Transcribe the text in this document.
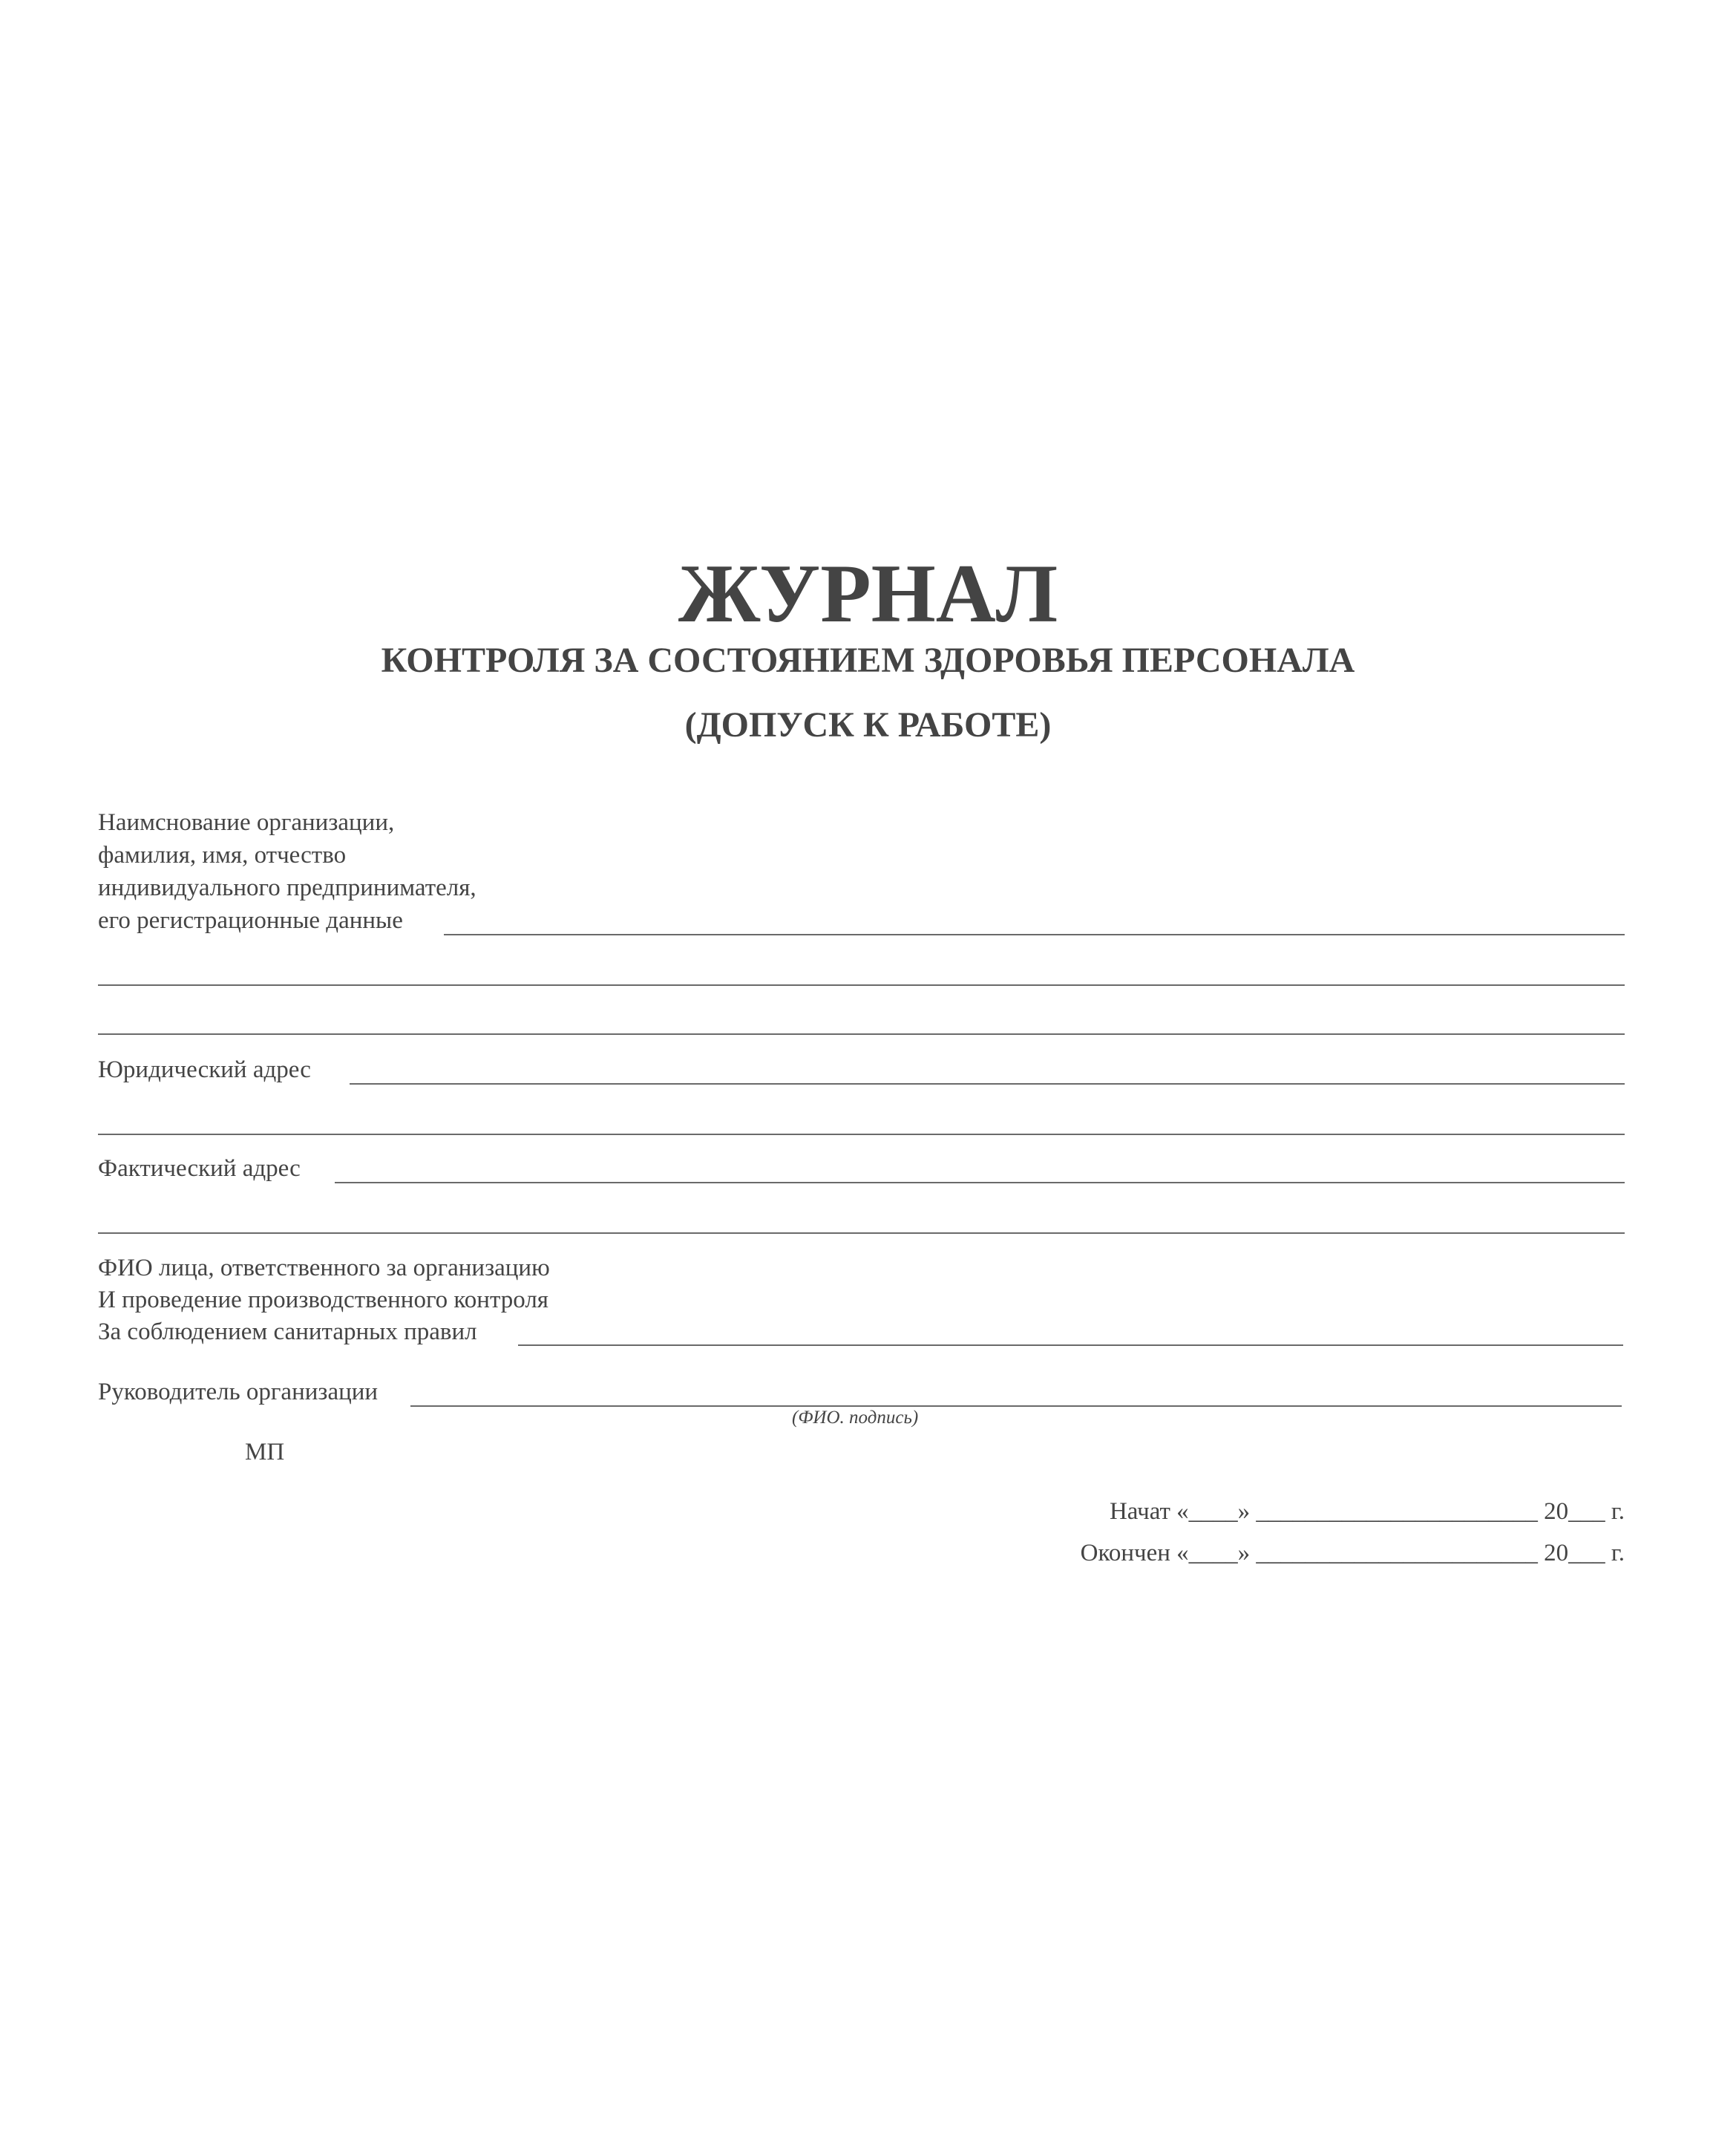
ЖУРНАЛ
КОНТРОЛЯ ЗА СОСТОЯНИЕМ ЗДОРОВЬЯ ПЕРСОНАЛА
(ДОПУСК К РАБОТЕ)

Наимснование организации,

фамилия, имя, отчество

индивидуального предпринимателя,

его регистрационные данные

Юридический адрес

Фактический адрес

ФИО лица, ответственного за организацию

И проведение производственного контроля

За соблюдением санитарных правил

Руководитель организации

(ФИО. подпись)

МП

Начат «____» _______________________ 20___ г.

Окончен «____» _______________________ 20___ г.
